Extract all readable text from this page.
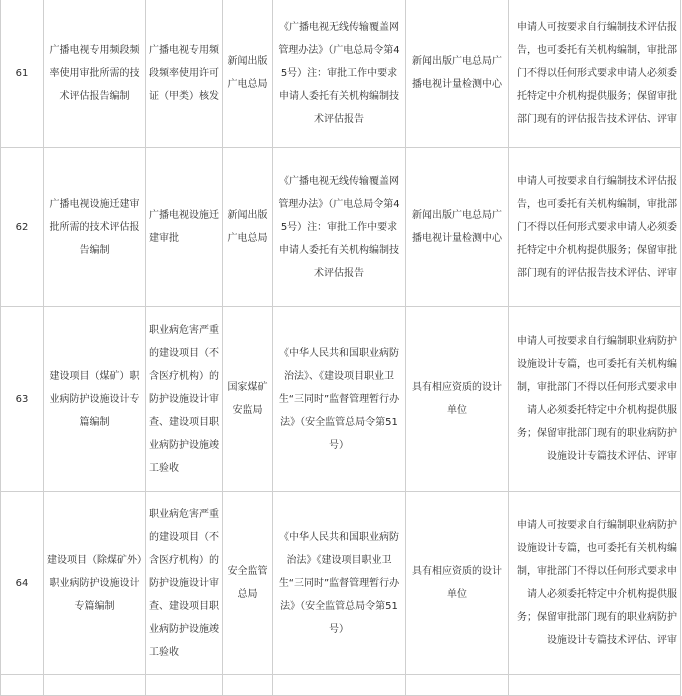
61	广播电视专用频段频率使用审批所需的技术评估报告编制	广播电视专用频段频率使用许可证（甲类）核发	新闻出版广电总局	《广播电视无线传输覆盖网管理办法》（广电总局令第45号）注：审批工作中要求申请人委托有关机构编制技术评估报告	新闻出版广电总局广播电视计量检测中心	申请人可按要求自行编制技术评估报告，也可委托有关机构编制，审批部门不得以任何形式要求申请人必须委托特定中介机构提供服务；保留审批部门现有的评估报告技术评估、评审
62	广播电视设施迁建审批所需的技术评估报告编制	广播电视设施迁建审批	新闻出版广电总局	《广播电视无线传输覆盖网管理办法》（广电总局令第45号）注：审批工作中要求申请人委托有关机构编制技术评估报告	新闻出版广电总局广播电视计量检测中心	申请人可按要求自行编制技术评估报告，也可委托有关机构编制，审批部门不得以任何形式要求申请人必须委托特定中介机构提供服务；保留审批部门现有的评估报告技术评估、评审
63	建设项目（煤矿）职业病防护设施设计专篇编制	职业病危害严重的建设项目（不含医疗机构）的防护设施设计审查、建设项目职业病防护设施竣工验收	国家煤矿安监局	《中华人民共和国职业病防治法》、《建设项目职业卫生“三同时”监督管理暂行办法》（安全监管总局令第51号）	具有相应资质的设计单位	申请人可按要求自行编制职业病防护设施设计专篇，也可委托有关机构编制，审批部门不得以任何形式要求申请人必须委托特定中介机构提供服务；保留审批部门现有的职业病防护设施设计专篇技术评估、评审
64	建设项目（除煤矿外）职业病防护设施设计专篇编制	职业病危害严重的建设项目（不含医疗机构）的防护设施设计审查、建设项目职业病防护设施竣工验收	安全监管总局	《中华人民共和国职业病防治法》《建设项目职业卫生“三同时”监督管理暂行办法》（安全监管总局令第51号）	具有相应资质的设计单位	申请人可按要求自行编制职业病防护设施设计专篇，也可委托有关机构编制，审批部门不得以任何形式要求申请人必须委托特定中介机构提供服务；保留审批部门现有的职业病防护设施设计专篇技术评估、评审
